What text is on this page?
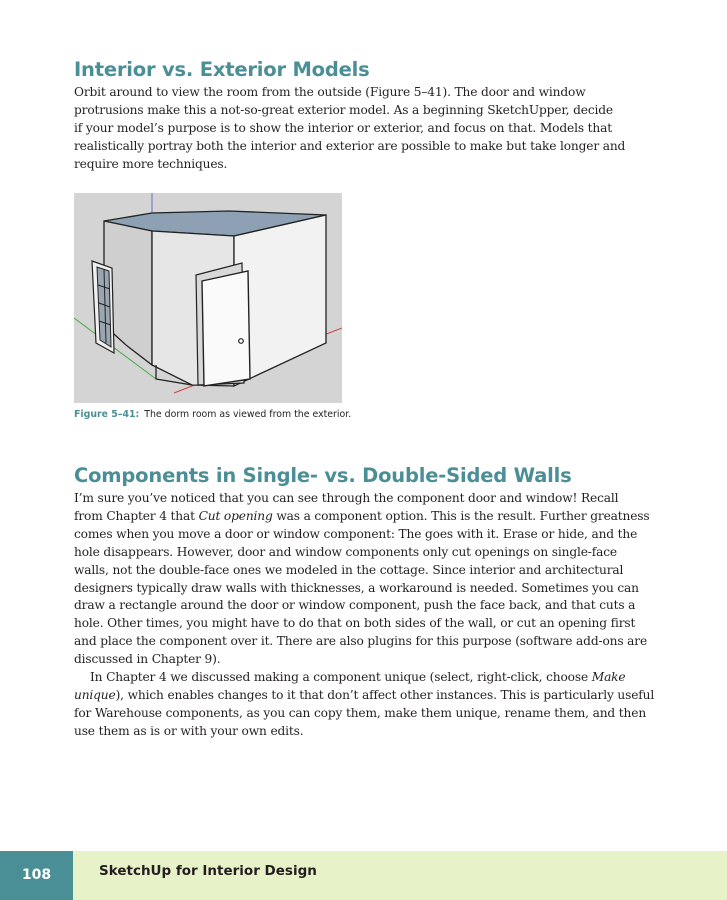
Interior vs. Exterior Models
Orbit around to view the room from the outside (Figure 5–41). The door and window
protrusions make this a not-so-great exterior model. As a beginning SketchUpper, decide
if your model’s purpose is to show the interior or exterior, and focus on that. Models that
realistically portray both the interior and exterior are possible to make but take longer and
require more techniques.
Figure 5–41: The dorm room as viewed from the exterior.
Components in Single- vs. Double-Sided Walls
I’m sure you’ve noticed that you can see through the component door and window! Recall
from Chapter 4 that Cut opening was a component option. This is the result. Further greatness
comes when you move a door or window component: The goes with it. Erase or hide, and the
hole disappears. However, door and window components only cut openings on single-face
walls, not the double-face ones we modeled in the cottage. Since interior and architectural
designers typically draw walls with thicknesses, a workaround is needed. Sometimes you can
draw a rectangle around the door or window component, push the face back, and that cuts a
hole. Other times, you might have to do that on both sides of the wall, or cut an opening first
and place the component over it. There are also plugins for this purpose (software add-ons are
discussed in Chapter 9).
In Chapter 4 we discussed making a component unique (select, right-click, choose Make
unique), which enables changes to it that don’t affect other instances. This is particularly useful
for Warehouse components, as you can copy them, make them unique, rename them, and then
use them as is or with your own edits.
108	SketchUp for Interior Design
